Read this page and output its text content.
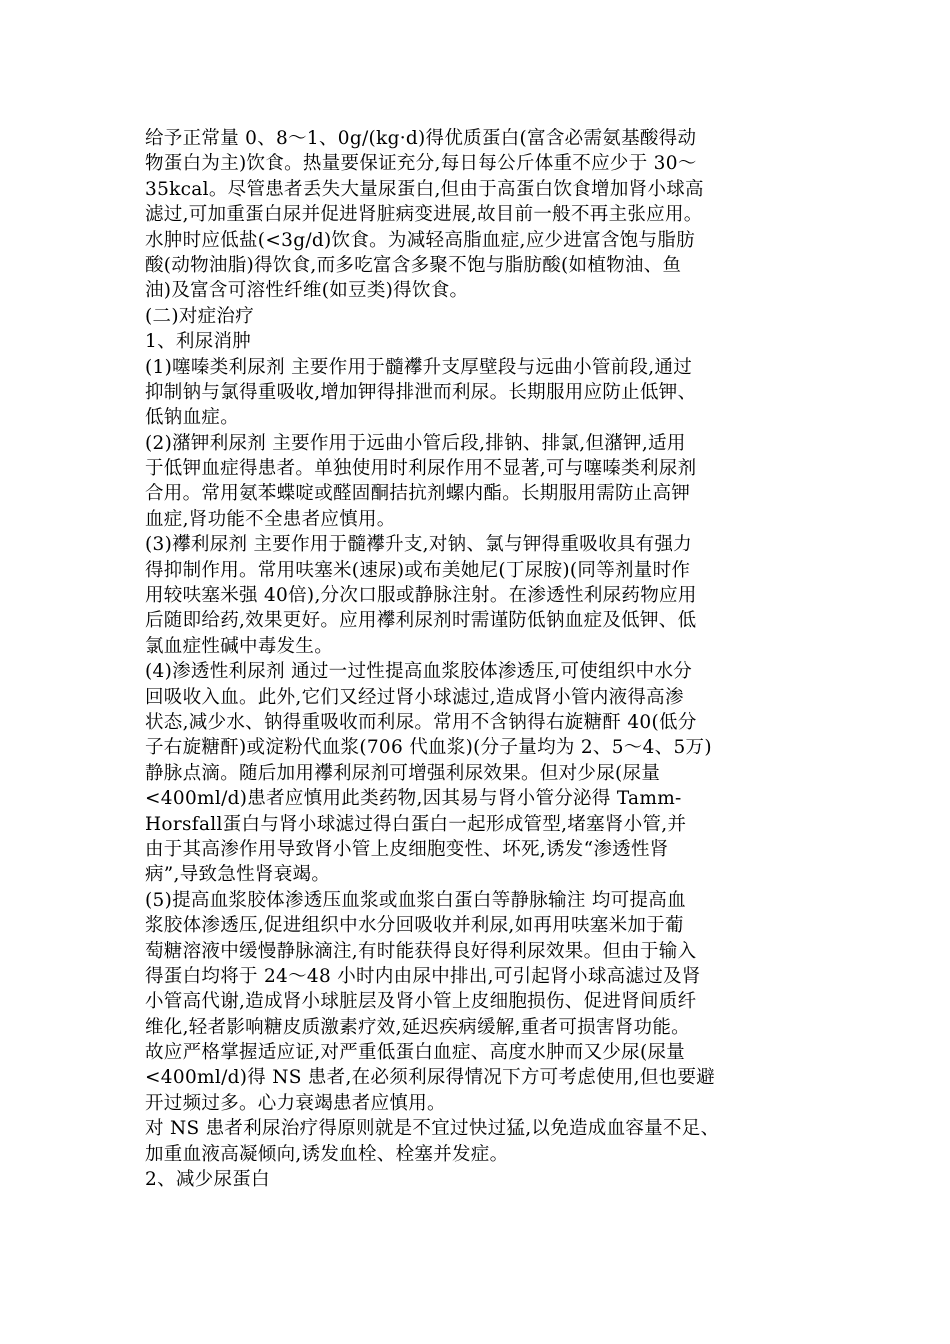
给予正常量 0、8～1、0g/(kg·d)得优质蛋白(富含必需氨基酸得动
物蛋白为主)饮食。热量要保证充分,每日每公斤体重不应少于 30～
35kcal。尽管患者丢失大量尿蛋白,但由于高蛋白饮食增加肾小球高
滤过,可加重蛋白尿并促进肾脏病变进展,故目前一般不再主张应用。
水肿时应低盐(<3g/d)饮食。为减轻高脂血症,应少进富含饱与脂肪
酸(动物油脂)得饮食,而多吃富含多聚不饱与脂肪酸(如植物油、鱼
油)及富含可溶性纤维(如豆类)得饮食。
(二)对症治疗
1、利尿消肿
(1)噻嗪类利尿剂 主要作用于髓襻升支厚壁段与远曲小管前段,通过
抑制钠与氯得重吸收,增加钾得排泄而利尿。长期服用应防止低钾、
低钠血症。
(2)潴钾利尿剂 主要作用于远曲小管后段,排钠、排氯,但潴钾,适用
于低钾血症得患者。单独使用时利尿作用不显著,可与噻嗪类利尿剂
合用。常用氨苯蝶啶或醛固酮拮抗剂螺内酯。长期服用需防止高钾
血症,肾功能不全患者应慎用。
(3)襻利尿剂 主要作用于髓襻升支,对钠、氯与钾得重吸收具有强力
得抑制作用。常用呋塞米(速尿)或布美她尼(丁尿胺)(同等剂量时作
用较呋塞米强 40倍),分次口服或静脉注射。在渗透性利尿药物应用
后随即给药,效果更好。应用襻利尿剂时需谨防低钠血症及低钾、低
氯血症性碱中毒发生。
(4)渗透性利尿剂 通过一过性提高血浆胶体渗透压,可使组织中水分
回吸收入血。此外,它们又经过肾小球滤过,造成肾小管内液得高渗
状态,减少水、钠得重吸收而利尿。常用不含钠得右旋糖酐 40(低分
子右旋糖酐)或淀粉代血浆(706 代血浆)(分子量均为 2、5～4、5万)
静脉点滴。随后加用襻利尿剂可增强利尿效果。但对少尿(尿量
<400ml/d)患者应慎用此类药物,因其易与肾小管分泌得 Tamm-
Horsfall蛋白与肾小球滤过得白蛋白一起形成管型,堵塞肾小管,并
由于其高渗作用导致肾小管上皮细胞变性、坏死,诱发“渗透性肾
病”,导致急性肾衰竭。
(5)提高血浆胶体渗透压血浆或血浆白蛋白等静脉输注 均可提高血
浆胶体渗透压,促进组织中水分回吸收并利尿,如再用呋塞米加于葡
萄糖溶液中缓慢静脉滴注,有时能获得良好得利尿效果。但由于输入
得蛋白均将于 24～48 小时内由尿中排出,可引起肾小球高滤过及肾
小管高代谢,造成肾小球脏层及肾小管上皮细胞损伤、促进肾间质纤
维化,轻者影响糖皮质激素疗效,延迟疾病缓解,重者可损害肾功能。
故应严格掌握适应证,对严重低蛋白血症、高度水肿而又少尿(尿量
<400ml/d)得 NS 患者,在必须利尿得情况下方可考虑使用,但也要避
开过频过多。心力衰竭患者应慎用。
对 NS 患者利尿治疗得原则就是不宜过快过猛,以免造成血容量不足、
加重血液高凝倾向,诱发血栓、栓塞并发症。
2、减少尿蛋白
